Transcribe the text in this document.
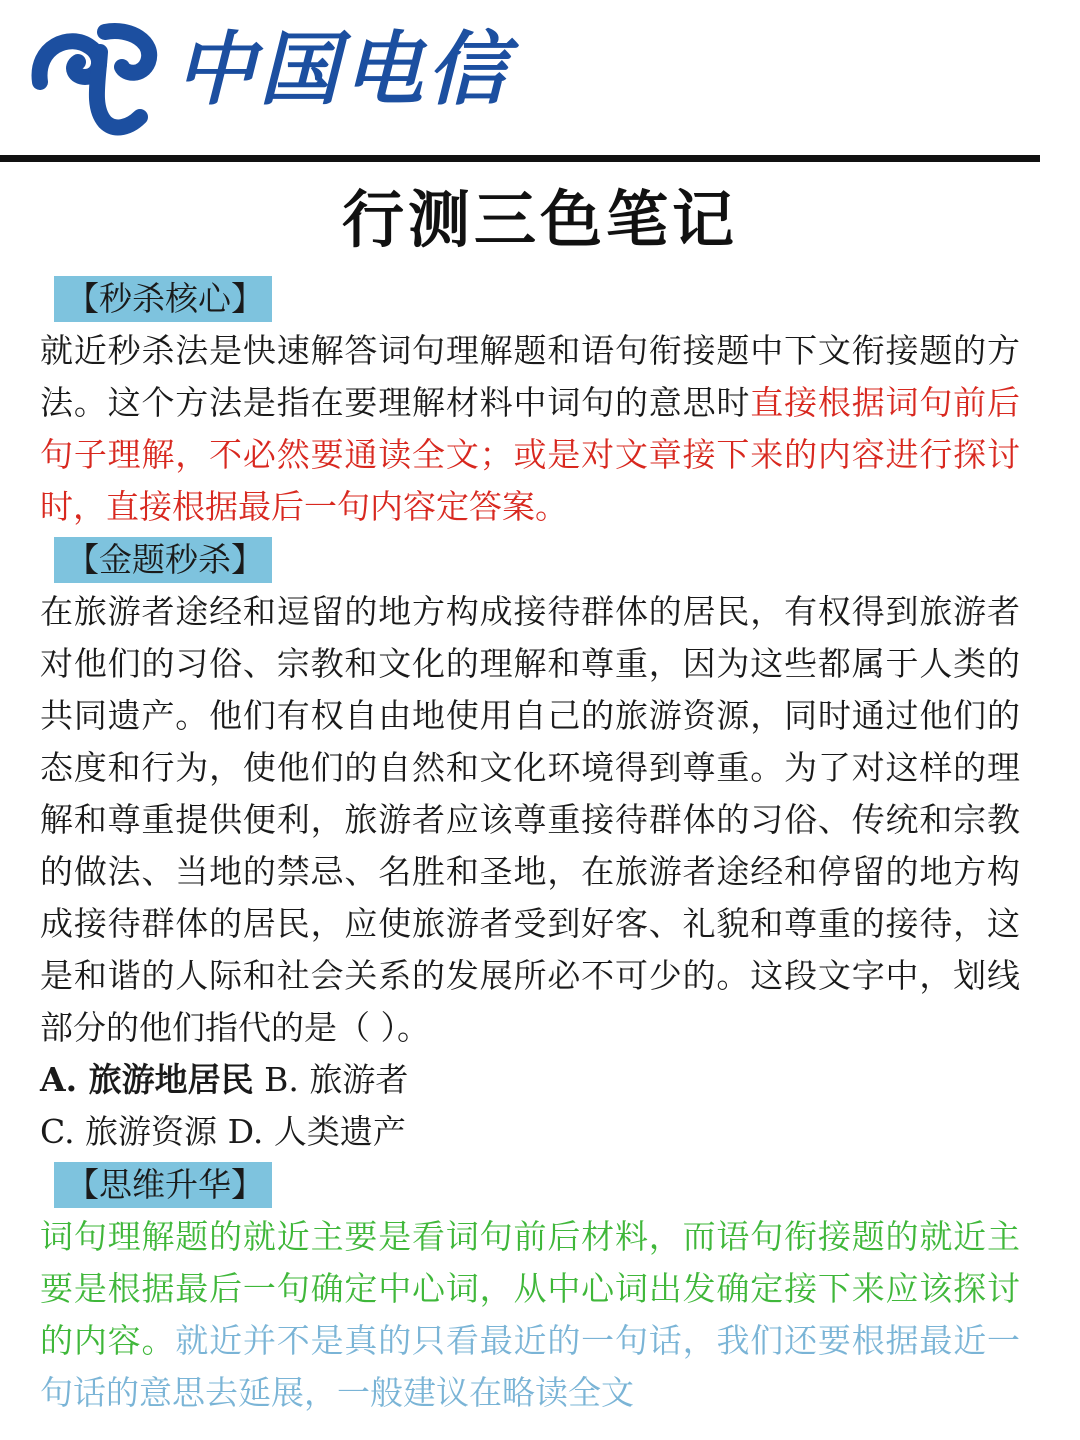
中国电信
行测三色笔记
【秒杀核心】

就近秒杀法是快速解答词句理解题和语句衔接题中下文衔接题的方法。这个方法是指在要理解材料中词句的意思时直接根据词句前后句子理解，不必然要通读全文；或是对文章接下来的内容进行探讨时，直接根据最后一句内容定答案。

【金题秒杀】

在旅游者途经和逗留的地方构成接待群体的居民，有权得到旅游者对他们的习俗、宗教和文化的理解和尊重，因为这些都属于人类的共同遗产。他们有权自由地使用自己的旅游资源，同时通过他们的态度和行为，使他们的自然和文化环境得到尊重。为了对这样的理解和尊重提供便利，旅游者应该尊重接待群体的习俗、传统和宗教的做法、当地的禁忌、名胜和圣地，在旅游者途经和停留的地方构成接待群体的居民，应使旅游者受到好客、礼貌和尊重的接待，这是和谐的人际和社会关系的发展所必不可少的。这段文字中，划线部分的他们指代的是（ ）。

A. 旅游地居民 B. 旅游者

C. 旅游资源 D. 人类遗产

【思维升华】

词句理解题的就近主要是看词句前后材料，而语句衔接题的就近主要是根据最后一句确定中心词，从中心词出发确定接下来应该探讨的内容。就近并不是真的只看最近的一句话，我们还要根据最近一句话的意思去延展，一般建议在略读全文
